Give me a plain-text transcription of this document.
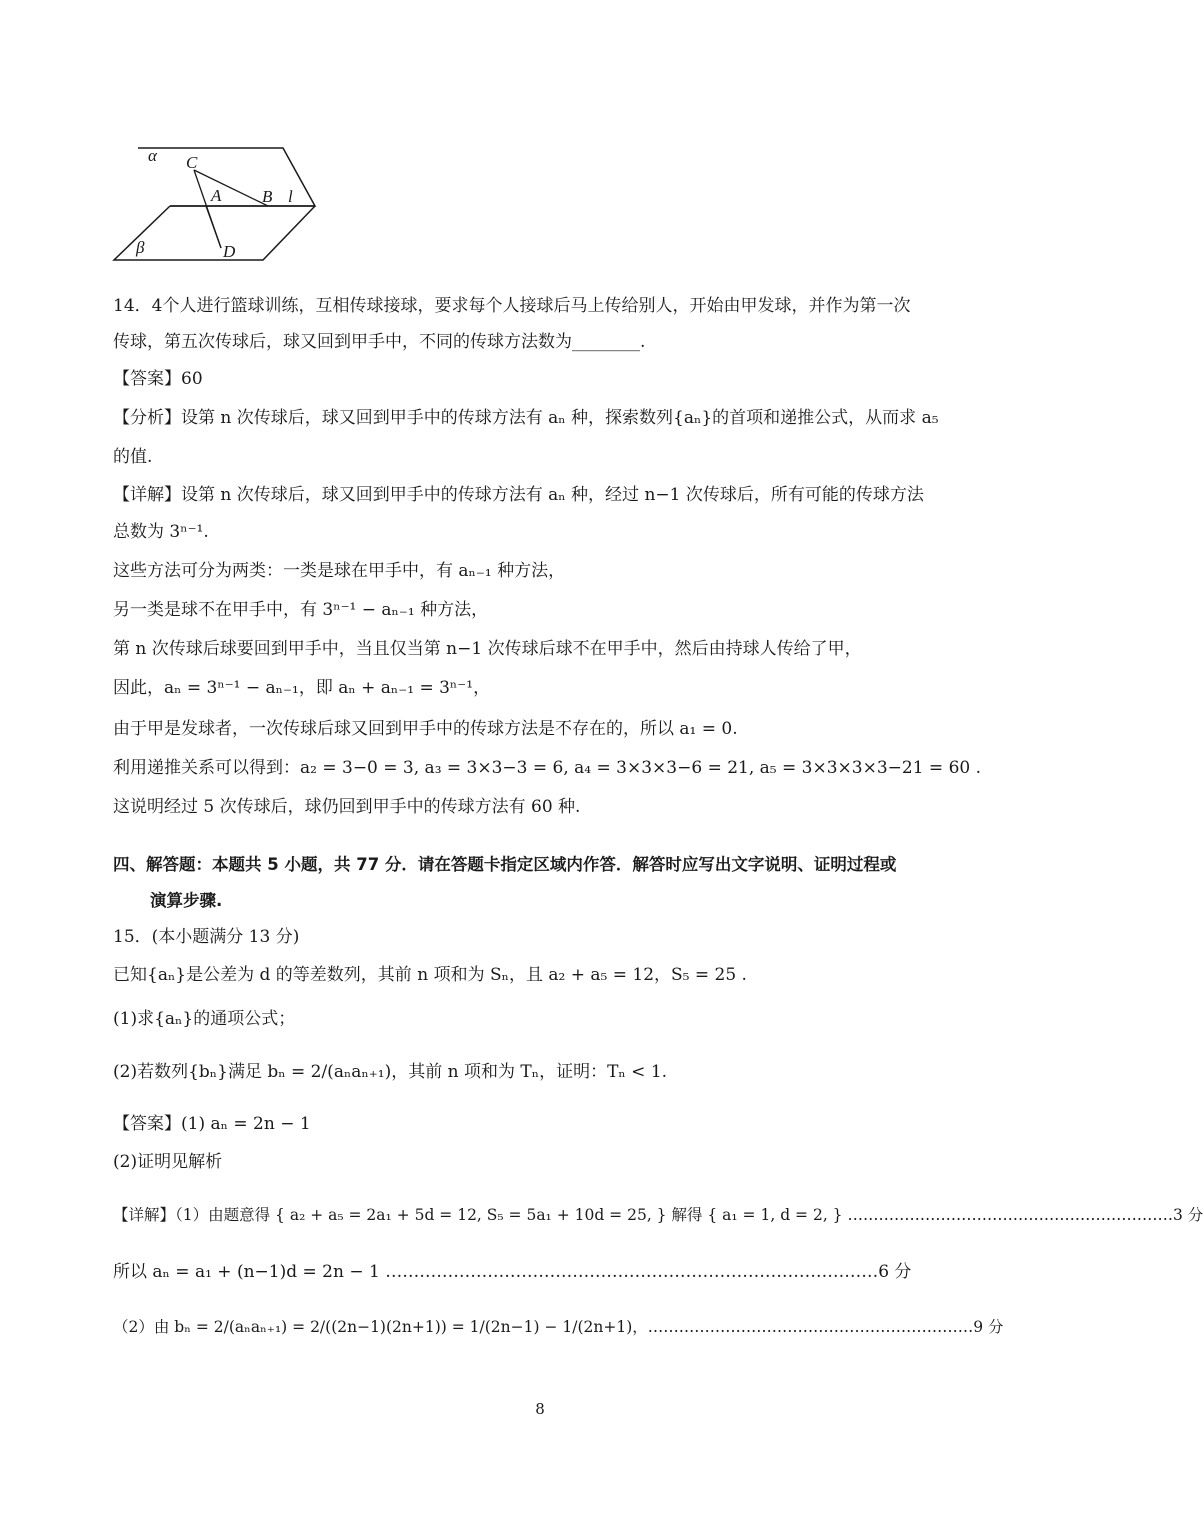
α
β
C
A B l
D
14．4个人进行篮球训练，互相传球接球，要求每个人接球后马上传给别人，开始由甲发球，并作为第一次
传球，第五次传球后，球又回到甲手中，不同的传球方法数为________.
【答案】60
【分析】设第 n 次传球后，球又回到甲手中的传球方法有 aₙ 种，探索数列{aₙ}的首项和递推公式，从而求 a₅
的值.
【详解】设第 n 次传球后，球又回到甲手中的传球方法有 aₙ 种，经过 n−1 次传球后，所有可能的传球方法
总数为 3ⁿ⁻¹.
这些方法可分为两类：一类是球在甲手中，有 aₙ₋₁ 种方法，
另一类是球不在甲手中，有 3ⁿ⁻¹ − aₙ₋₁ 种方法，
第 n 次传球后球要回到甲手中，当且仅当第 n−1 次传球后球不在甲手中，然后由持球人传给了甲，
因此，aₙ = 3ⁿ⁻¹ − aₙ₋₁，即 aₙ + aₙ₋₁ = 3ⁿ⁻¹，
由于甲是发球者，一次传球后球又回到甲手中的传球方法是不存在的，所以 a₁ = 0.
利用递推关系可以得到：a₂ = 3−0 = 3, a₃ = 3×3−3 = 6, a₄ = 3×3×3−6 = 21, a₅ = 3×3×3×3−21 = 60 .
这说明经过 5 次传球后，球仍回到甲手中的传球方法有 60 种.
四、解答题：本题共 5 小题，共 77 分．请在答题卡指定区域内作答．解答时应写出文字说明、证明过程或
演算步骤.
15．(本小题满分 13 分)
已知{aₙ}是公差为 d 的等差数列，其前 n 项和为 Sₙ，且 a₂ + a₅ = 12，S₅ = 25 .
(1)求{aₙ}的通项公式；
(2)若数列{bₙ}满足 bₙ = 2/(aₙaₙ₊₁)，其前 n 项和为 Tₙ，证明：Tₙ < 1.
【答案】(1) aₙ = 2n − 1
(2)证明见解析
【详解】（1）由题意得 { a₂ + a₅ = 2a₁ + 5d = 12, S₅ = 5a₁ + 10d = 25, } 解得 { a₁ = 1, d = 2, } ………………………………………………………3 分
所以 aₙ = a₁ + (n−1)d = 2n − 1 ……………………………………………………………………………6 分
（2）由 bₙ = 2/(aₙaₙ₊₁) = 2/((2n−1)(2n+1)) = 1/(2n−1) − 1/(2n+1)，………………………………………………………9 分
8
